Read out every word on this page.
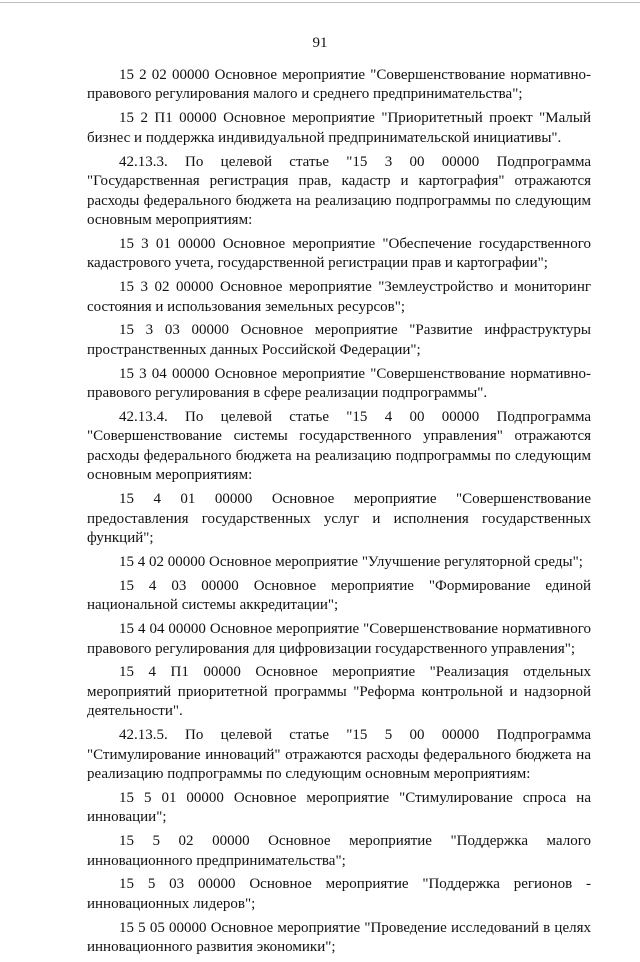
91

15 2 02 00000 Основное мероприятие "Совершенствование нормативно-правового регулирования малого и среднего предпринимательства";

15 2 П1 00000 Основное мероприятие "Приоритетный проект "Малый бизнес и поддержка индивидуальной предпринимательской инициативы".

42.13.3. По целевой статье "15 3 00 00000 Подпрограмма "Государственная регистрация прав, кадастр и картография" отражаются расходы федерального бюджета на реализацию подпрограммы по следующим основным мероприятиям:

15 3 01 00000 Основное мероприятие "Обеспечение государственного кадастрового учета, государственной регистрации прав и картографии";

15 3 02 00000 Основное мероприятие "Землеустройство и мониторинг состояния и использования земельных ресурсов";

15 3 03 00000 Основное мероприятие "Развитие инфраструктуры пространственных данных Российской Федерации";

15 3 04 00000 Основное мероприятие "Совершенствование нормативно-правового регулирования в сфере реализации подпрограммы".

42.13.4. По целевой статье "15 4 00 00000 Подпрограмма "Совершенствование системы государственного управления" отражаются расходы федерального бюджета на реализацию подпрограммы по следующим основным мероприятиям:

15 4 01 00000 Основное мероприятие "Совершенствование предоставления государственных услуг и исполнения государственных функций";

15 4 02 00000 Основное мероприятие "Улучшение регуляторной среды";

15 4 03 00000 Основное мероприятие "Формирование единой национальной системы аккредитации";

15 4 04 00000 Основное мероприятие "Совершенствование нормативного правового регулирования для цифровизации государственного управления";

15 4 П1 00000 Основное мероприятие "Реализация отдельных мероприятий приоритетной программы "Реформа контрольной и надзорной деятельности".

42.13.5. По целевой статье "15 5 00 00000 Подпрограмма "Стимулирование инноваций" отражаются расходы федерального бюджета на реализацию подпрограммы по следующим основным мероприятиям:

15 5 01 00000 Основное мероприятие "Стимулирование спроса на инновации";

15 5 02 00000 Основное мероприятие "Поддержка малого инновационного предпринимательства";

15 5 03 00000 Основное мероприятие "Поддержка регионов - инновационных лидеров";

15 5 05 00000 Основное мероприятие "Проведение исследований в целях инновационного развития экономики";
